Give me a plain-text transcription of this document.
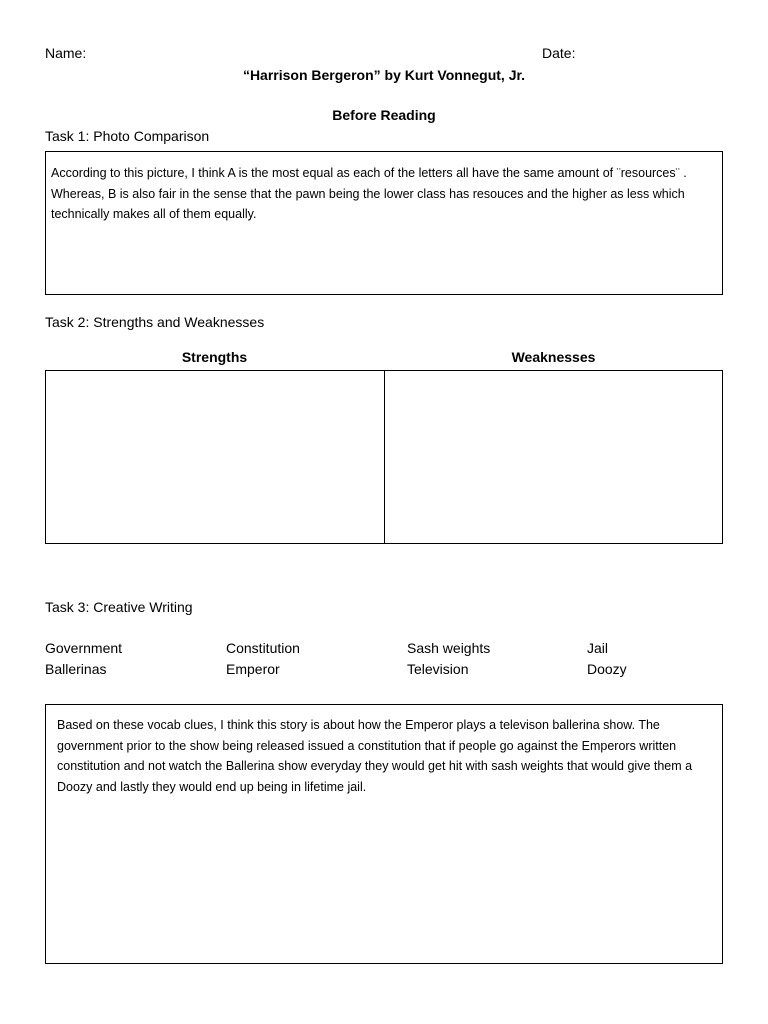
Name:	Date:
“Harrison Bergeron” by Kurt Vonnegut, Jr.
Before Reading
Task 1: Photo Comparison
According to this picture, I think A is the most equal as each of the letters all have the same amount of ¨resources¨ . Whereas, B is also fair in the sense that the pawn being the lower class has resouces and the higher as less which technically makes all of them equally.
Task 2: Strengths and Weaknesses
Strengths	Weaknesses
Task 3: Creative Writing
Government	Constitution	Sash weights	Jail
Ballerinas	Emperor	Television	Doozy
Based on these vocab clues, I think this story is about how the Emperor plays a televison ballerina show. The government prior to the show being released issued a constitution that if people go against the Emperors written constitution and not watch the Ballerina show everyday they would get hit with sash weights that would give them a Doozy and lastly they would end up being in lifetime jail.
